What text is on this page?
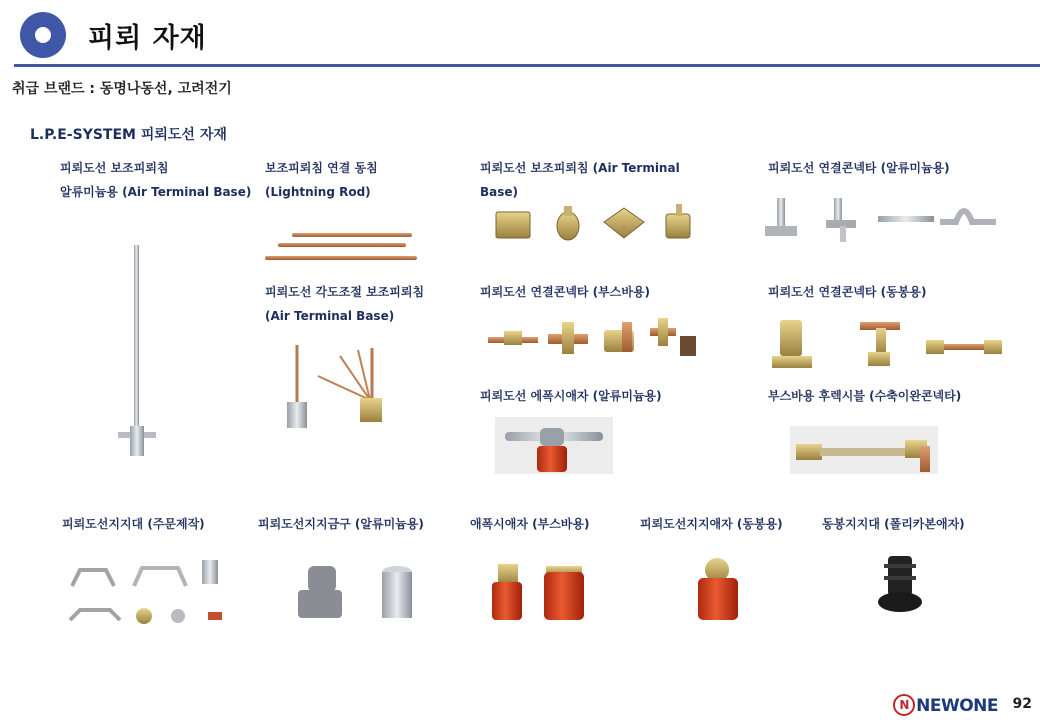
피뢰 자재
취급 브랜드 : 동명나동선, 고려전기
L.P.E-SYSTEM 피뢰도선 자재
피뢰도선 보조피뢰침
알류미늄용 (Air Terminal Base)
보조피뢰침 연결 동침
(Lightning Rod)
피뢰도선 보조피뢰침 (Air Terminal
Base)
피뢰도선 연결콘넥타 (알류미늄용)
피뢰도선 각도조절 보조피뢰침
(Air Terminal Base)
피뢰도선 연결콘넥타 (부스바용)	피뢰도선 연결콘넥타 (동봉용)
피뢰도선 에폭시애자 (알류미늄용)	부스바용 후렉시블 (수축이완콘넥타)
피뢰도선지지대 (주문제작)	피뢰도선지지금구 (알류미늄용)	애폭시애자 (부스바용)	피뢰도선지지애자 (동봉용)	동봉지지대 (폴리카본애자)
N NEWONE 92
